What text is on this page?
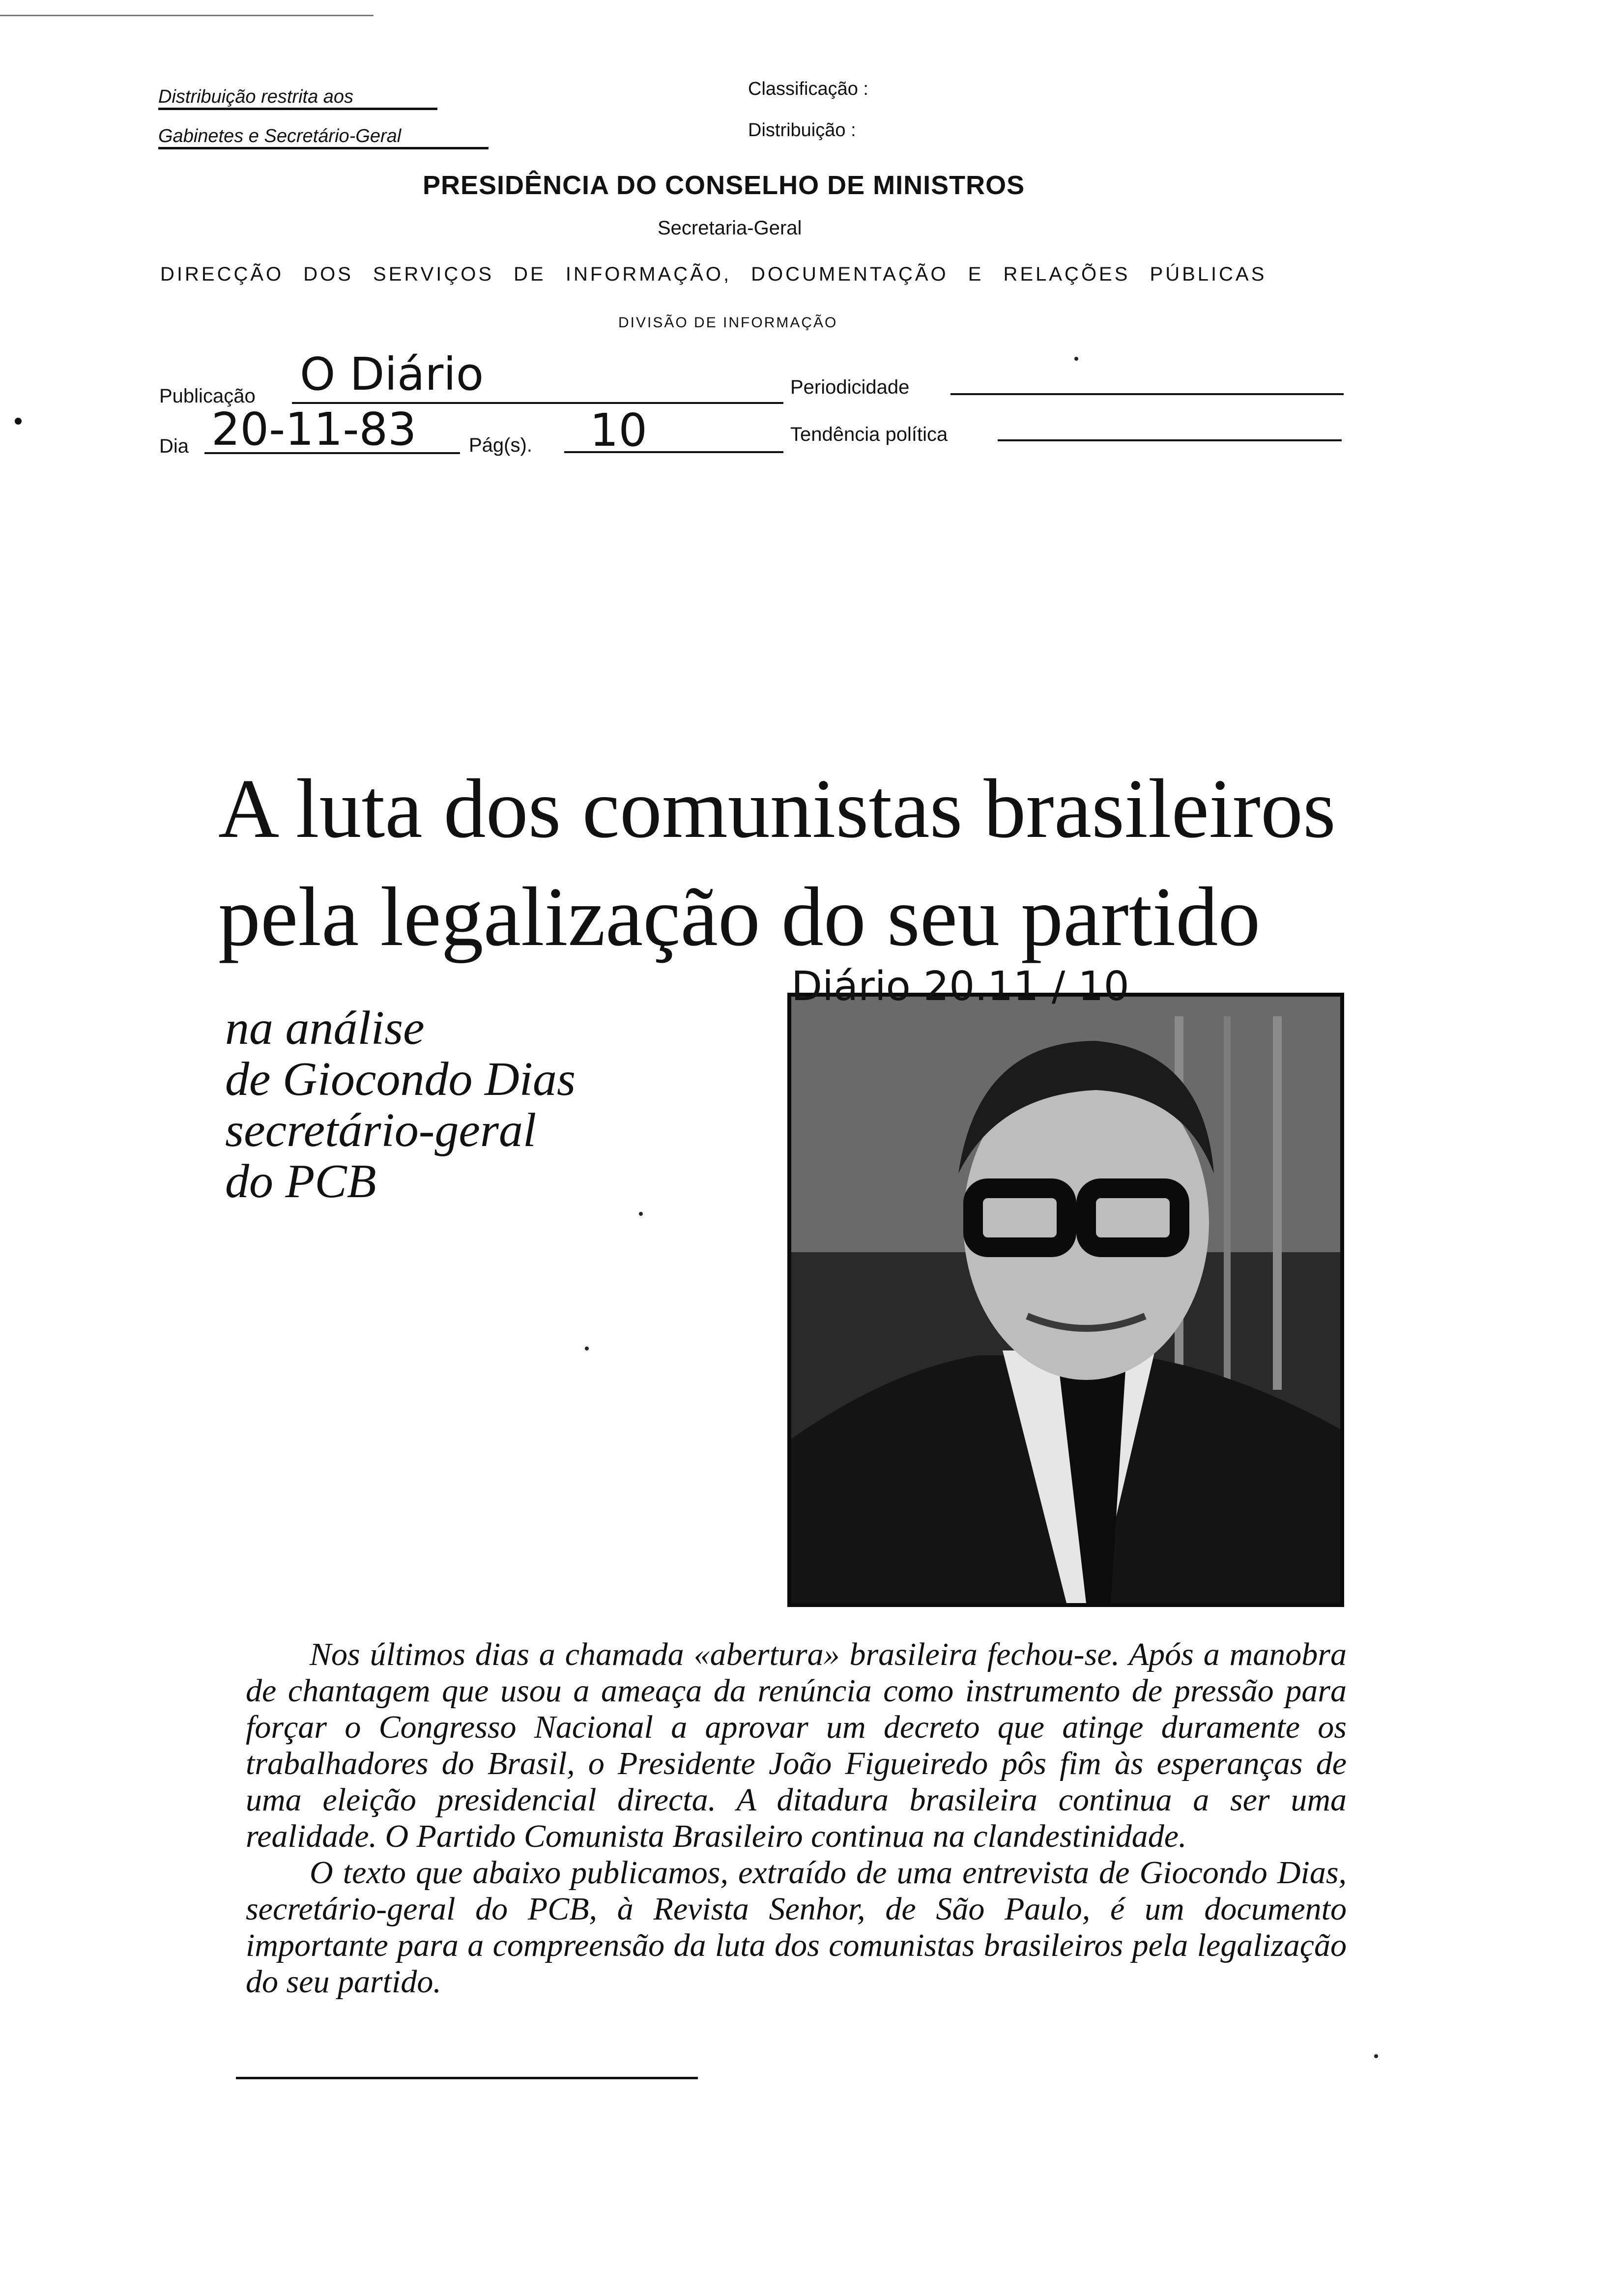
Distribuição restrita aos
Gabinetes e Secretário-Geral
Classificação :
Distribuição :
PRESIDÊNCIA DO CONSELHO DE MINISTROS
Secretaria-Geral
DIRECÇÃO DOS SERVIÇOS DE INFORMAÇÃO, DOCUMENTAÇÃO E RELAÇÕES PÚBLICAS
DIVISÃO DE INFORMAÇÃO
Publicação O Diário	Periodicidade
Dia 20-11-83	Pág(s). 10	Tendência política
A luta dos comunistas brasileiros
pela legalização do seu partido
na análise
de Giocondo Dias
secretário-geral
do PCB
Diário 20.11 / 10

Nos últimos dias a chamada «abertura» brasileira fechou-se. Após a manobra de chantagem que usou a ameaça da renúncia como instrumento de pressão para forçar o Congresso Nacional a aprovar um decreto que atinge duramente os trabalhadores do Brasil, o Presidente João Figueiredo pôs fim às esperanças de uma eleição presidencial directa. A ditadura brasileira continua a ser uma realidade. O Partido Comunista Brasileiro continua na clandestinidade.

O texto que abaixo publicamos, extraído de uma entrevista de Giocondo Dias, secretário-geral do PCB, à Revista Senhor, de São Paulo, é um documento importante para a compreensão da luta dos comunistas brasileiros pela legalização do seu partido.
